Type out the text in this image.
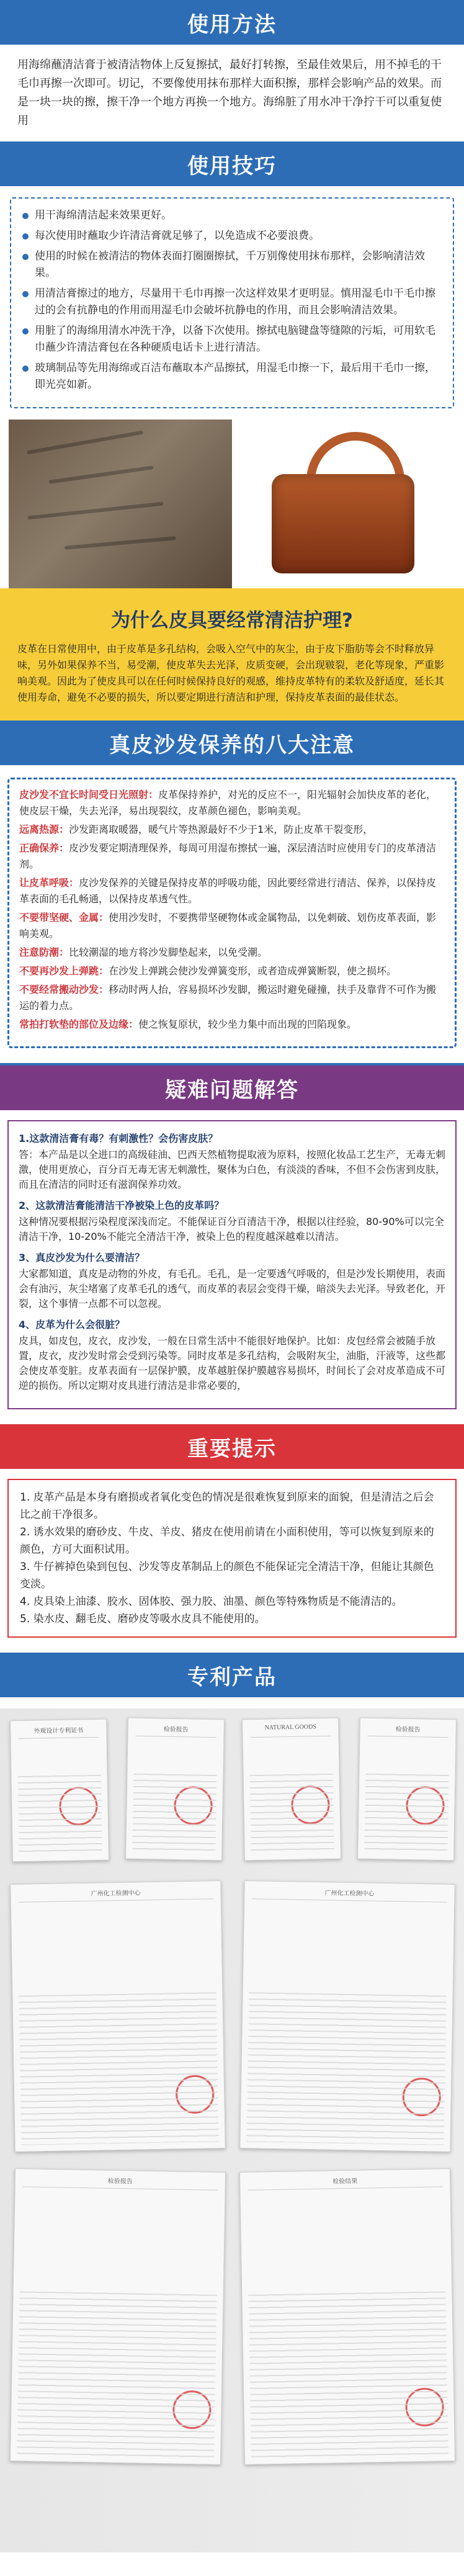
使用方法
用海绵蘸清洁膏于被清洁物体上反复擦拭，最好打转擦，至最佳效果后，用不掉毛的干毛巾再擦一次即可。切记，不要像使用抹布那样大面积擦，那样会影响产品的效果。而是一块一块的擦，擦干净一个地方再换一个地方。海绵脏了用水冲干净拧干可以重复使用
使用技巧
用干海绵清洁起来效果更好。
每次使用时蘸取少许清洁膏就足够了，以免造成不必要浪费。
使用的时候在被清洁的物体表面打圈圈擦拭，千万别像使用抹布那样，会影响清洁效果。
用清洁膏擦过的地方，尽量用干毛巾再擦一次这样效果才更明显。慎用湿毛巾干毛巾擦过的会有抗静电的作用而用湿毛巾会破坏抗静电的作用，而且会影响清洁效果。
用脏了的海绵用清水冲洗干净，以备下次使用。擦拭电脑键盘等缝隙的污垢，可用软毛巾蘸少许清洁膏包在各种硬质电话卡上进行清洁。
玻璃制品等先用海绵或百洁布蘸取本产品擦拭，用湿毛巾擦一下，最后用干毛巾一擦，即光亮如新。
为什么皮具要经常清洁护理?

皮革在日常使用中，由于皮革是多孔结构，会吸入空气中的灰尘，由于皮下脂肪等会不时释放异味，另外如果保养不当，易受潮，使皮革失去光泽，皮质变硬，会出现皲裂，老化等现象，严重影响美观。因此为了使皮具可以在任何时候保持良好的观感，维持皮革特有的柔软及舒适度，延长其使用寿命，避免不必要的损失，所以要定期进行清洁和护理，保持皮革表面的最佳状态。

真皮沙发保养的八大注意
皮沙发不宜长时间受日光照射：皮革保持养护，对光的反应不一，阳光辐射会加快皮革的老化，使皮层干燥，失去光泽，易出现裂纹，皮革颜色褪色，影响美观。
远离热源：沙发距离取暖器，暖气片等热源最好不少于1米，防止皮革干裂变形，
正确保养：皮沙发要定期清理保养，每周可用湿布擦拭一遍，深层清洁时应使用专门的皮革清洁剂。
让皮革呼吸：皮沙发保养的关键是保持皮革的呼吸功能，因此要经常进行清洁、保养，以保持皮革表面的毛孔畅通，以保持皮革透气性。
不要带坚硬、金属：使用沙发时，不要携带坚硬物体或金属物品，以免刺破、划伤皮革表面，影响美观。
注意防潮：比较潮湿的地方将沙发脚垫起来，以免受潮。
不要再沙发上弹跳：在沙发上弹跳会使沙发弹簧变形，或者造成弹簧断裂，使之损坏。
不要经常搬动沙发：移动时两人抬，容易损坏沙发脚，搬运时避免碰撞，扶手及靠背不可作为搬运的着力点。
常拍打软垫的部位及边缘：使之恢复原状，较少坐力集中而出现的凹陷现象。
疑难问题解答
1.这款清洁膏有毒？有刺激性？会伤害皮肤？
答：本产品是以全进口的高级硅油、巴西天然植物提取液为原料，按照化妆品工艺生产，无毒无刺激，使用更放心，百分百无毒无害无刺激性，聚体为白色，有淡淡的香味，不但不会伤害到皮肤，而且在清洁的同时还有滋润保养功效。
2、这款清洁膏能清洁干净被染上色的皮革吗？
这种情况要根据污染程度深浅而定。不能保证百分百清洁干净，根据以往经验，80-90%可以完全清洁干净，10-20%不能完全清洁干净，被染上色的程度越深越难以清洁。
3、真皮沙发为什么要清洁？
大家都知道，真皮是动物的外皮，有毛孔。毛孔，是一定要透气呼吸的，但是沙发长期使用，表面会有油污，灰尘堵塞了皮革毛孔的透气，而皮革的表层会变得干燥，暗淡失去光泽。导致老化，开裂，这个事情一点都不可以忽视。
4、皮革为什么会很脏？
皮具，如皮包，皮衣，皮沙发，一般在日常生活中不能很好地保护。比如：皮包经常会被随手放置，皮衣，皮沙发时常会受到污染等。同时皮革是多孔结构，会吸附灰尘，油脂，汗液等，这些都会使皮革变脏。皮革表面有一层保护膜，皮革越脏保护膜越容易损坏，时间长了会对皮革造成不可逆的损伤。所以定期对皮具进行清洁是非常必要的，
重要提示

1. 皮革产品是本身有磨损或者氧化变色的情况是很难恢复到原来的面貌，但是清洁之后会比之前干净很多。

2. 诱水效果的磨砂皮、牛皮、羊皮、猪皮在使用前请在小面积使用，等可以恢复到原来的颜色，方可大面积试用。

3. 牛仔裤掉色染到包包、沙发等皮革制品上的颜色不能保证完全清洁干净，但能让其颜色变淡。

4. 皮具染上油漆、胶水、固体胶、强力胶、油墨、颜色等特殊物质是不能清洁的。

5. 染水皮、翻毛皮、磨砂皮等吸水皮具不能使用的。

专利产品
外观设计专利证书	检验报告	NATURAL GOODS	检验报告
广州化工检测中心	广州化工检测中心
检验报告	检验结果
